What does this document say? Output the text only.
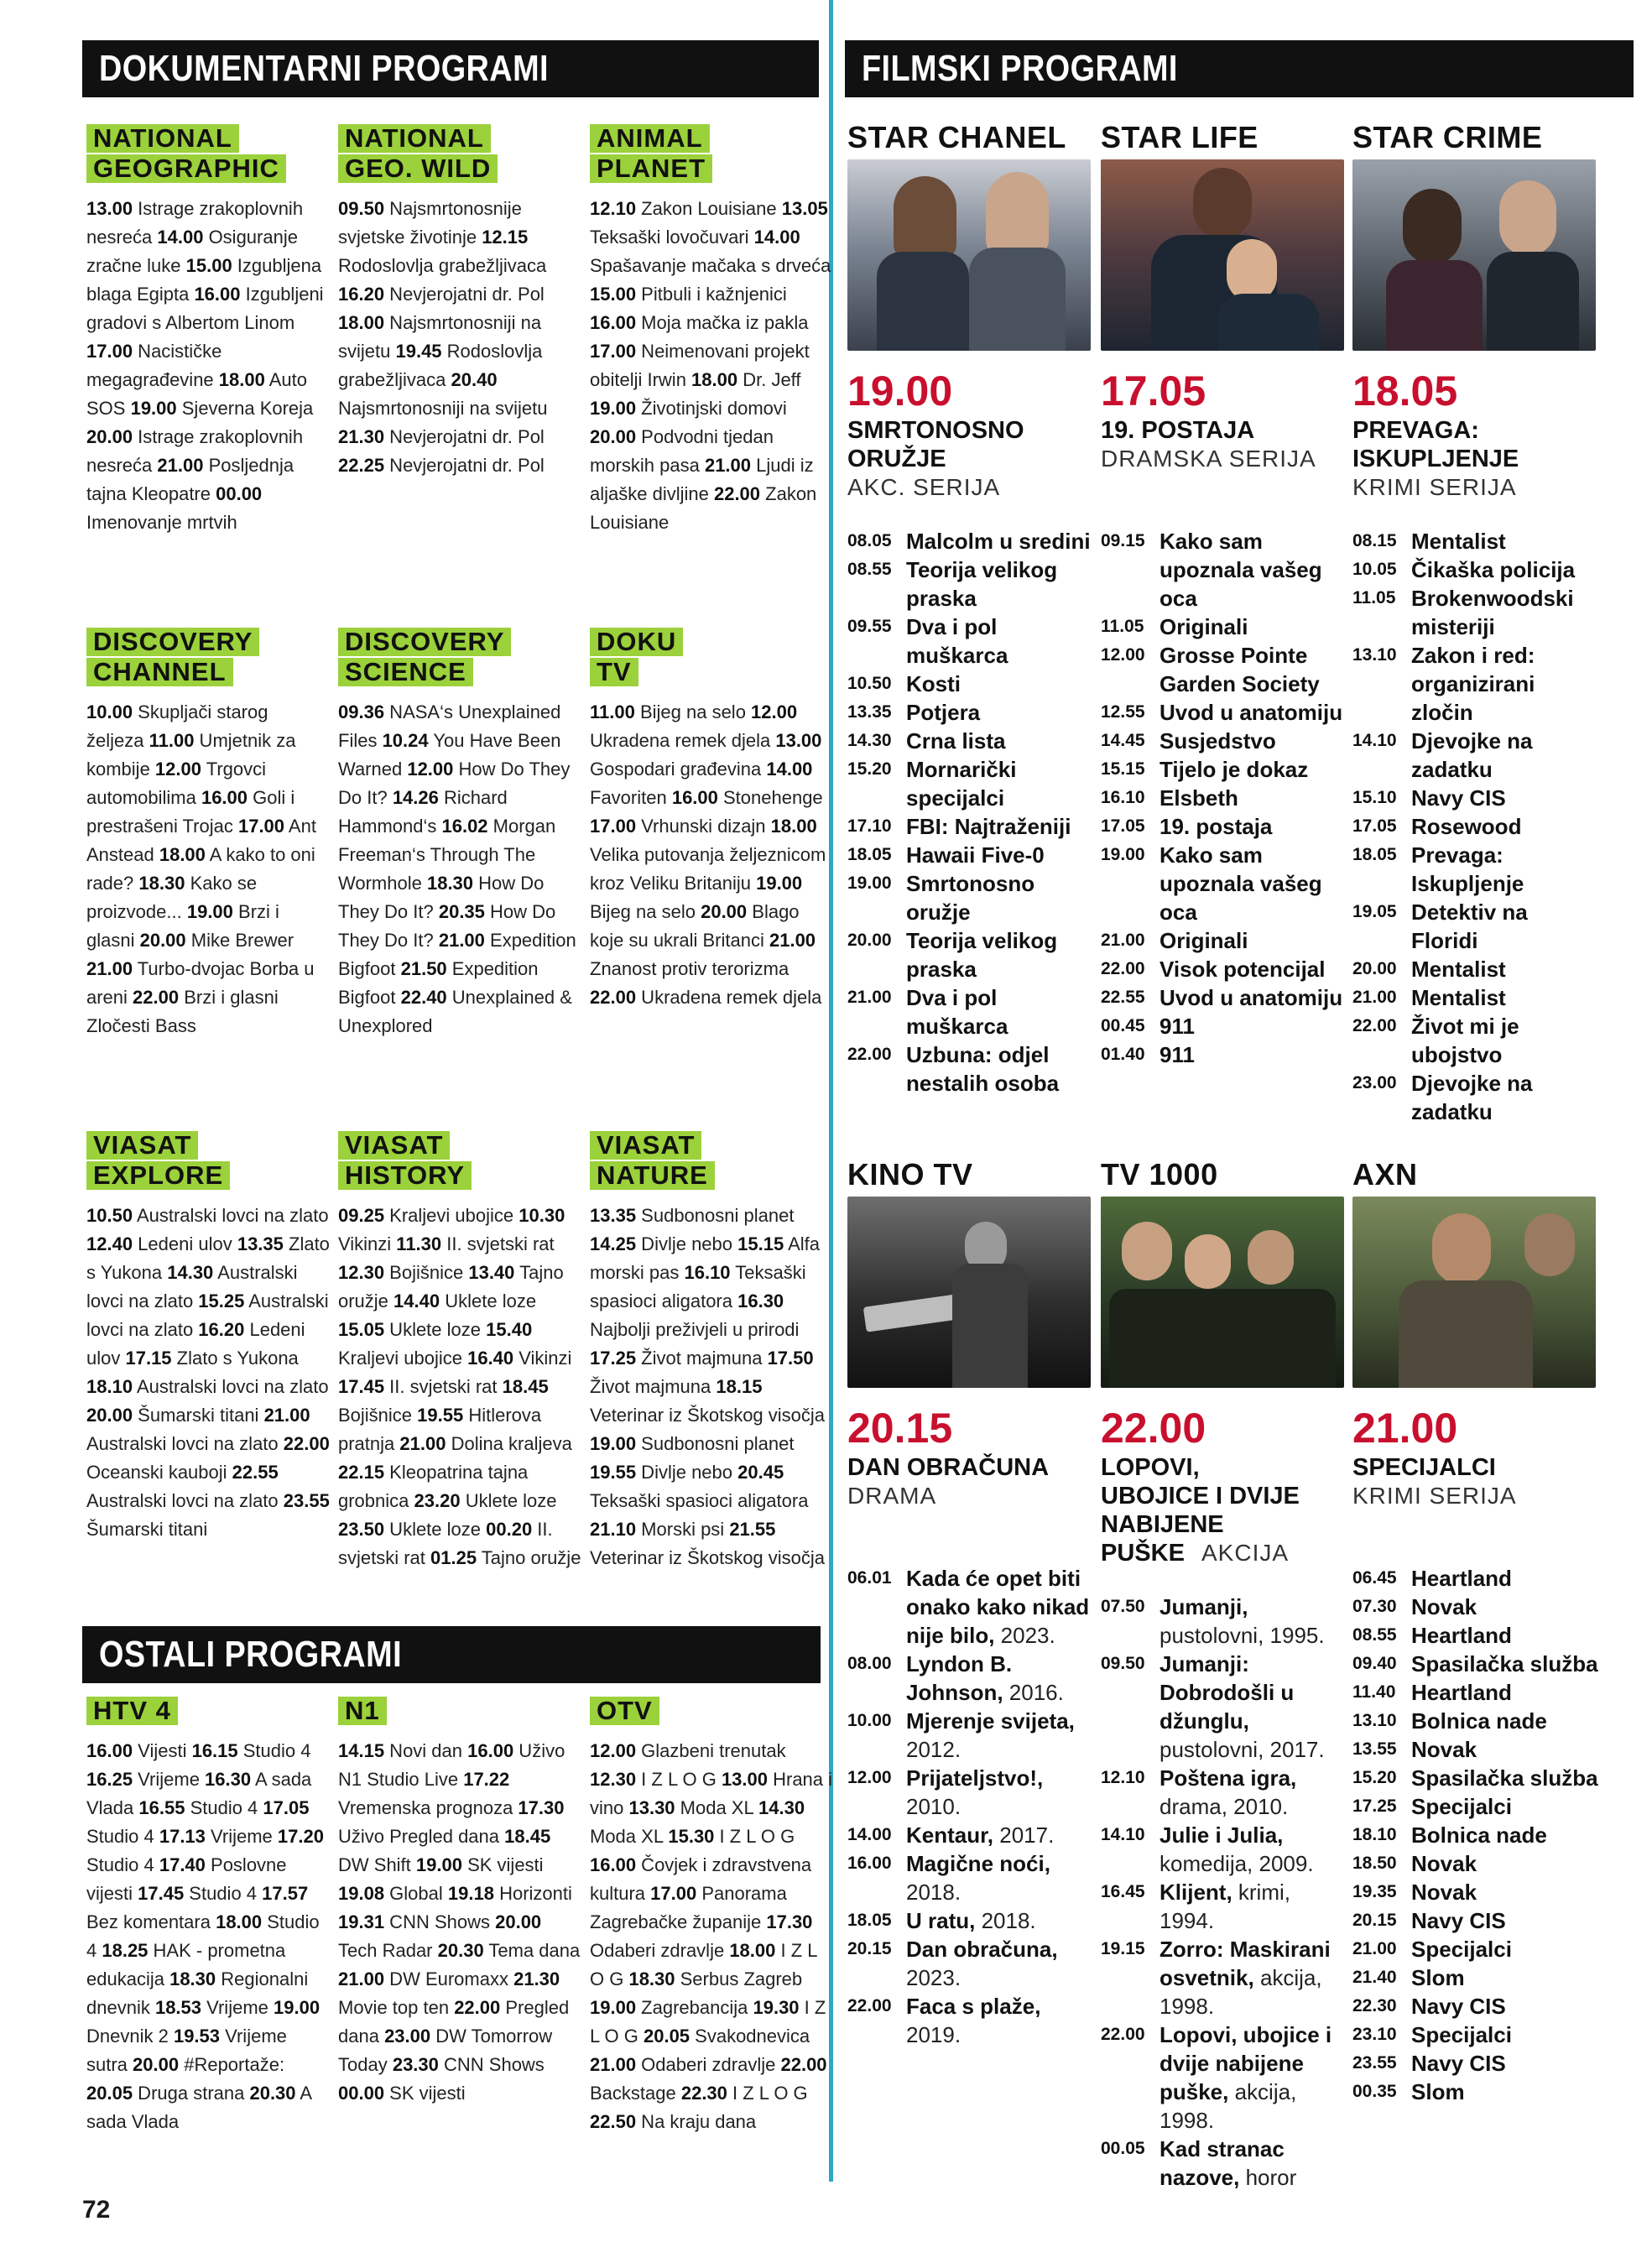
DOKUMENTARNI PROGRAMI	FILMSKI PROGRAMI
OSTALI PROGRAMI
NATIONAL
GEOGRAPHIC
13.00 Istrage zrakoplovnih nesreća 14.00 Osiguranje zračne luke 15.00 Izgubljena blaga Egipta 16.00 Izgubljeni gradovi s Albertom Linom 17.00 Nacističke megagrađevine 18.00 Auto SOS 19.00 Sjeverna Koreja 20.00 Istrage zrakoplovnih nesreća 21.00 Posljednja tajna Kleopatre 00.00 Imenovanje mrtvih
NATIONAL
GEO. WILD
09.50 Najsmrtonosnije svjetske životinje 12.15 Rodoslovlja grabežljivaca 16.20 Nevjerojatni dr. Pol 18.00 Najsmrtonosniji na svijetu 19.45 Rodoslovlja grabežljivaca 20.40 Najsmrtonosniji na svijetu 21.30 Nevjerojatni dr. Pol 22.25 Nevjerojatni dr. Pol
ANIMAL
PLANET
12.10 Zakon Louisiane 13.05 Teksaški lovočuvari 14.00 Spašavanje mačaka s drveća 15.00 Pitbuli i kažnjenici 16.00 Moja mačka iz pakla 17.00 Neimenovani projekt obitelji Irwin 18.00 Dr. Jeff 19.00 Životinjski domovi 20.00 Podvodni tjedan morskih pasa 21.00 Ljudi iz aljaške divljine 22.00 Zakon Louisiane
DISCOVERY
CHANNEL
10.00 Skupljači starog željeza 11.00 Umjetnik za kombije 12.00 Trgovci automobilima 16.00 Goli i prestrašeni Trojac 17.00 Ant Anstead 18.00 A kako to oni rade? 18.30 Kako se proizvode... 19.00 Brzi i glasni 20.00 Mike Brewer 21.00 Turbo-dvojac Borba u areni 22.00 Brzi i glasni Zločesti Bass
DISCOVERY
SCIENCE
09.36 NASA‘s Unexplained Files 10.24 You Have Been Warned 12.00 How Do They Do It? 14.26 Richard Hammond‘s 16.02 Morgan Freeman‘s Through The Wormhole 18.30 How Do They Do It? 20.35 How Do They Do It? 21.00 Expedition Bigfoot 21.50 Expedition Bigfoot 22.40 Unexplained & Unexplored
DOKU
TV
11.00 Bijeg na selo 12.00 Ukradena remek djela 13.00 Gospodari građevina 14.00 Favoriten 16.00 Stonehenge 17.00 Vrhunski dizajn 18.00 Velika putovanja željeznicom kroz Veliku Britaniju 19.00 Bijeg na selo 20.00 Blago koje su ukrali Britanci 21.00 Znanost protiv terorizma 22.00 Ukradena remek djela
VIASAT
EXPLORE
10.50 Australski lovci na zlato 12.40 Ledeni ulov 13.35 Zlato s Yukona 14.30 Australski lovci na zlato 15.25 Australski lovci na zlato 16.20 Ledeni ulov 17.15 Zlato s Yukona 18.10 Australski lovci na zlato 20.00 Šumarski titani 21.00 Australski lovci na zlato 22.00 Oceanski kauboji 22.55 Australski lovci na zlato 23.55 Šumarski titani
VIASAT
HISTORY
09.25 Kraljevi ubojice 10.30 Vikinzi 11.30 II. svjetski rat 12.30 Bojišnice 13.40 Tajno oružje 14.40 Uklete loze 15.05 Uklete loze 15.40 Kraljevi ubojice 16.40 Vikinzi 17.45 II. svjetski rat 18.45 Bojišnice 19.55 Hitlerova pratnja 21.00 Dolina kraljeva 22.15 Kleopatrina tajna grobnica 23.20 Uklete loze 23.50 Uklete loze 00.20 II. svjetski rat 01.25 Tajno oružje
VIASAT
NATURE
13.35 Sudbonosni planet 14.25 Divlje nebo 15.15 Alfa morski pas 16.10 Teksaški spasioci aligatora 16.30 Najbolji preživjeli u prirodi 17.25 Život majmuna 17.50 Život majmuna 18.15 Veterinar iz Škotskog visočja 19.00 Sudbonosni planet 19.55 Divlje nebo 20.45 Teksaški spasioci aligatora 21.10 Morski psi 21.55 Veterinar iz Škotskog visočja
HTV 4
16.00 Vijesti 16.15 Studio 4 16.25 Vrijeme 16.30 A sada Vlada 16.55 Studio 4 17.05 Studio 4 17.13 Vrijeme 17.20 Studio 4 17.40 Poslovne vijesti 17.45 Studio 4 17.57 Bez komentara 18.00 Studio 4 18.25 HAK - prometna edukacija 18.30 Regionalni dnevnik 18.53 Vrijeme 19.00 Dnevnik 2 19.53 Vrijeme sutra 20.00 #Reportaže: 20.05 Druga strana 20.30 A sada Vlada
N1
14.15 Novi dan 16.00 Uživo N1 Studio Live 17.22 Vremenska prognoza 17.30 Uživo Pregled dana 18.45 DW Shift 19.00 SK vijesti 19.08 Global 19.18 Horizonti 19.31 CNN Shows 20.00 Tech Radar 20.30 Tema dana 21.00 DW Euromaxx 21.30 Movie top ten 22.00 Pregled dana 23.00 DW Tomorrow Today 23.30 CNN Shows 00.00 SK vijesti
OTV
12.00 Glazbeni trenutak 12.30 I Z L O G 13.00 Hrana i vino 13.30 Moda XL 14.30 Moda XL 15.30 I Z L O G 16.00 Čovjek i zdravstvena kultura 17.00 Panorama Zagrebačke županije 17.30 Odaberi zdravlje 18.00 I Z L O G 18.30 Serbus Zagreb 19.00 Zagrebancija 19.30 I Z L O G 20.05 Svakodnevica 21.00 Odaberi zdravlje 22.00 Backstage 22.30 I Z L O G 22.50 Na kraju dana
STAR CHANEL
19.00
SMRTONOSNO ORUŽJE
AKC. SERIJA
08.05 Malcolm u sredini
08.55 Teorija velikog praska
09.55 Dva i pol muškarca
10.50 Kosti
13.35 Potjera
14.30 Crna lista
15.20 Mornarički specijalci
17.10 FBI: Najtraženiji
18.05 Hawaii Five-0
19.00 Smrtonosno oružje
20.00 Teorija velikog praska
21.00 Dva i pol muškarca
22.00 Uzbuna: odjel nestalih osoba
STAR LIFE
17.05
19. POSTAJA
DRAMSKA SERIJA
09.15 Kako sam upoznala vašeg oca
11.05 Originali
12.00 Grosse Pointe Garden Society
12.55 Uvod u anatomiju
14.45 Susjedstvo
15.15 Tijelo je dokaz
16.10 Elsbeth
17.05 19. postaja
19.00 Kako sam upoznala vašeg oca
21.00 Originali
22.00 Visok potencijal
22.55 Uvod u anatomiju
00.45 911
01.40 911
STAR CRIME
18.05
PREVAGA: ISKUPLJENJE
KRIMI SERIJA
08.15 Mentalist
10.05 Čikaška policija
11.05 Brokenwoodski misteriji
13.10 Zakon i red: organizirani zločin
14.10 Djevojke na zadatku
15.10 Navy CIS
17.05 Rosewood
18.05 Prevaga: Iskupljenje
19.05 Detektiv na Floridi
20.00 Mentalist
21.00 Mentalist
22.00 Život mi je ubojstvo
23.00 Djevojke na zadatku
KINO TV
20.15
DAN OBRAČUNA
DRAMA
06.01 Kada će opet biti onako kako nikad nije bilo, 2023.
08.00 Lyndon B. Johnson, 2016.
10.00 Mjerenje svijeta, 2012.
12.00 Prijateljstvo!, 2010.
14.00 Kentaur, 2017.
16.00 Magične noći, 2018.
18.05 U ratu, 2018.
20.15 Dan obračuna, 2023.
22.00 Faca s plaže, 2019.
TV 1000
22.00
LOPOVI, UBOJICE I DVIJE NABIJENE PUŠKE AKCIJA
07.50 Jumanji, pustolovni, 1995.
09.50 Jumanji: Dobrodošli u džunglu, pustolovni, 2017.
12.10 Poštena igra, drama, 2010.
14.10 Julie i Julia, komedija, 2009.
16.45 Klijent, krimi, 1994.
19.15 Zorro: Maskirani osvetnik, akcija, 1998.
22.00 Lopovi, ubojice i dvije nabijene puške, akcija, 1998.
00.05 Kad stranac nazove, horor
AXN
21.00
SPECIJALCI
KRIMI SERIJA
06.45 Heartland
07.30 Novak
08.55 Heartland
09.40 Spasilačka služba
11.40 Heartland
13.10 Bolnica nade
13.55 Novak
15.20 Spasilačka služba
17.25 Specijalci
18.10 Bolnica nade
18.50 Novak
19.35 Novak
20.15 Navy CIS
21.00 Specijalci
21.40 Slom
22.30 Navy CIS
23.10 Specijalci
23.55 Navy CIS
00.35 Slom
72
